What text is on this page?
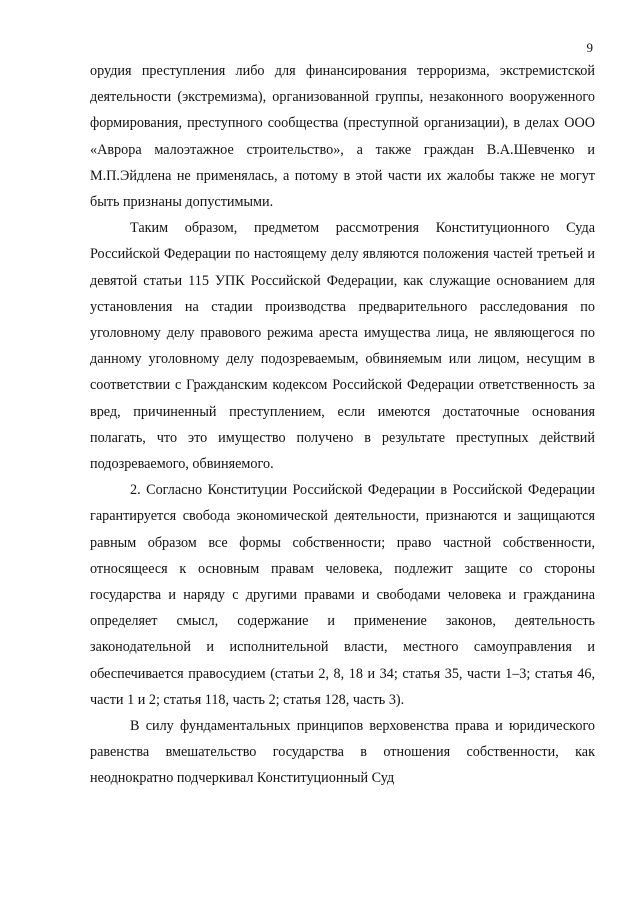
9

орудия преступления либо для финансирования терроризма, экстремистской деятельности (экстремизма), организованной группы, незаконного вооруженного формирования, преступного сообщества (преступной организации), в делах ООО «Аврора малоэтажное строительство», а также граждан В.А.Шевченко и М.П.Эйдлена не применялась, а потому в этой части их жалобы также не могут быть признаны допустимыми.

Таким образом, предметом рассмотрения Конституционного Суда Российской Федерации по настоящему делу являются положения частей третьей и девятой статьи 115 УПК Российской Федерации, как служащие основанием для установления на стадии производства предварительного расследования по уголовному делу правового режима ареста имущества лица, не являющегося по данному уголовному делу подозреваемым, обвиняемым или лицом, несущим в соответствии с Гражданским кодексом Российской Федерации ответственность за вред, причиненный преступлением, если имеются достаточные основания полагать, что это имущество получено в результате преступных действий подозреваемого, обвиняемого.

2. Согласно Конституции Российской Федерации в Российской Федерации гарантируется свобода экономической деятельности, признаются и защищаются равным образом все формы собственности; право частной собственности, относящееся к основным правам человека, подлежит защите со стороны государства и наряду с другими правами и свободами человека и гражданина определяет смысл, содержание и применение законов, деятельность законодательной и исполнительной власти, местного самоуправления и обеспечивается правосудием (статьи 2, 8, 18 и 34; статья 35, части 1–3; статья 46, части 1 и 2; статья 118, часть 2; статья 128, часть 3).

В силу фундаментальных принципов верховенства права и юридического равенства вмешательство государства в отношения собственности, как неоднократно подчеркивал Конституционный Суд
